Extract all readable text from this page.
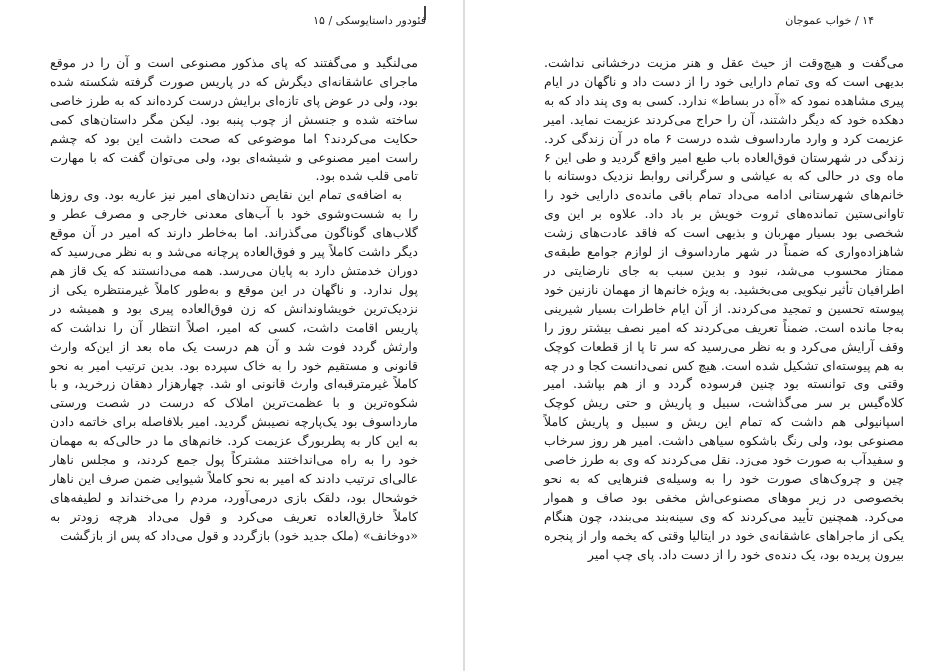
فئودور داستایوسکی / ۱۵

می‌لنگید و می‌گفتند که پای مذکور مصنوعی است و آن را در موقع ماجرای عاشقانه‌ای دیگرش که در پاریس صورت گرفته شکسته شده بود، ولی در عوض پای تازه‌ای برایش درست کرده‌اند که به طرز خاصی ساخته شده و جنسش از چوب پنبه بود. لیکن مگر داستان‌های کمی حکایت می‌کردند؟ اما موضوعی که صحت داشت این بود که چشم راست امیر مصنوعی و شیشه‌ای بود، ولی می‌توان گفت که با مهارت تامی قلب شده بود.

به اضافه‌ی تمام این نقایص دندان‌های امیر نیز عاریه بود. وی روزها را به شست‌وشوی خود با آب‌های معدنی خارجی و مصرف عطر و گلاب‌های گوناگون می‌گذراند. اما به‌خاطر دارند که امیر در آن موقع دیگر داشت کاملاً پیر و فوق‌العاده پرچانه می‌شد و به نظر می‌رسید که دوران خدمتش دارد به پایان می‌رسد. همه می‌دانستند که یک قاز هم پول ندارد. و ناگهان در این موقع و به‌طور کاملاً غیرمنتظره یکی از نزدیک‌ترین خویشاوندانش که زن فوق‌العاده پیری بود و همیشه در پاریس اقامت داشت، کسی که امیر، اصلاً انتظار آن را نداشت که وارثش گردد فوت شد و آن هم درست یک ماه بعد از این‌که وارث قانونی و مستقیم خود را به خاک سپرده بود. بدین ترتیب امیر به نحو کاملاً غیرمترقبه‌ای وارث قانونی او شد. چهارهزار دهقان زرخرید، و با شکوه‌ترین و با عظمت‌ترین املاک که درست در شصت ورستی مارداسوف بود یک‌پارچه نصیبش گردید. امیر بلافاصله برای خاتمه دادن به این کار به پطربورگ عزیمت کرد. خانم‌های ما در حالی‌که به مهمان خود را به راه می‌انداختند مشترکاً پول جمع کردند، و مجلس ناهار عالی‌ای ترتیب دادند که امیر به نحو کاملاً شیوایی ضمن صرف این ناهار خوشحال بود، دلقک بازی درمی‌آورد، مردم را می‌خنداند و لطیفه‌های کاملاً خارق‌العاده تعریف می‌کرد و قول می‌داد هرچه زودتر به «دوخانف» (ملک جدید خود) بازگردد و قول می‌داد که پس از بازگشت

۱۴ / خواب عموجان

می‌گفت و هیچ‌وقت از حیث عقل و هنر مزیت درخشانی نداشت. بدیهی است که وی تمام دارایی خود را از دست داد و ناگهان در ایام پیری مشاهده نمود که «آه در بساط» ندارد. کسی به وی پند داد که به دهکده خود که دیگر داشتند، آن را حراج می‌کردند عزیمت نماید. امیر عزیمت کرد و وارد مارداسوف شده درست ۶ ماه در آن زندگی کرد. زندگی در شهرستان فوق‌العاده باب طبع امیر واقع گردید و طی این ۶ ماه وی در حالی که به عیاشی و سرگرانی روابط نزدیک دوستانه با خانم‌های شهرستانی ادامه می‌داد تمام باقی مانده‌ی دارایی خود را تاوانی‌ستین تمانده‌های ثروت خویش بر باد داد. علاوه بر این وی شخصی بود بسیار مهربان و بذیهی است که فاقد عادت‌های زشت شاهزاده‌واری که ضمناً در شهر مارداسوف از لوازم جوامع طبقه‌ی ممتاز محسوب می‌شد، نبود و بدین سبب به جای نارضایتی در اطرافیان تأثیر نیکویی می‌بخشید. به ویژه خانم‌ها از مهمان نازنین خود پیوسته تحسین و تمجید می‌کردند. از آن ایام خاطرات بسیار شیرینی به‌جا مانده است. ضمناً تعریف می‌کردند که امیر نصف بیشتر روز را وقف آرایش می‌کرد و به نظر می‌رسید که سر تا پا از قطعات کوچک به هم پیوسته‌ای تشکیل شده است. هیچ کس نمی‌دانست کجا و در چه وقتی وی توانسته بود چنین فرسوده گردد و از هم بپاشد. امیر کلاه‌گیس بر سر می‌گذاشت، سبیل و پاریش و حتی ریش کوچک اسپانیولی هم داشت که تمام این ریش و سبیل و پاریش کاملاً مصنوعی بود، ولی رنگ باشکوه سیاهی داشت. امیر هر روز سرخاب و سفیدآب به صورت خود می‌زد. نقل می‌کردند که وی به طرز خاصی چین و چروک‌های صورت خود را به وسیله‌ی فنرهایی که به نحو بخصوصی در زیر موهای مصنوعی‌اش مخفی بود صاف و هموار می‌کرد. همچنین تأیید می‌کردند که وی سینه‌بند می‌بندد، چون هنگام یکی از ماجراهای عاشقانه‌ی خود در ایتالیا وقتی که یخمه وار از پنجره بیرون پریده بود، یک دنده‌ی خود را از دست داد. پای چپ امیر
